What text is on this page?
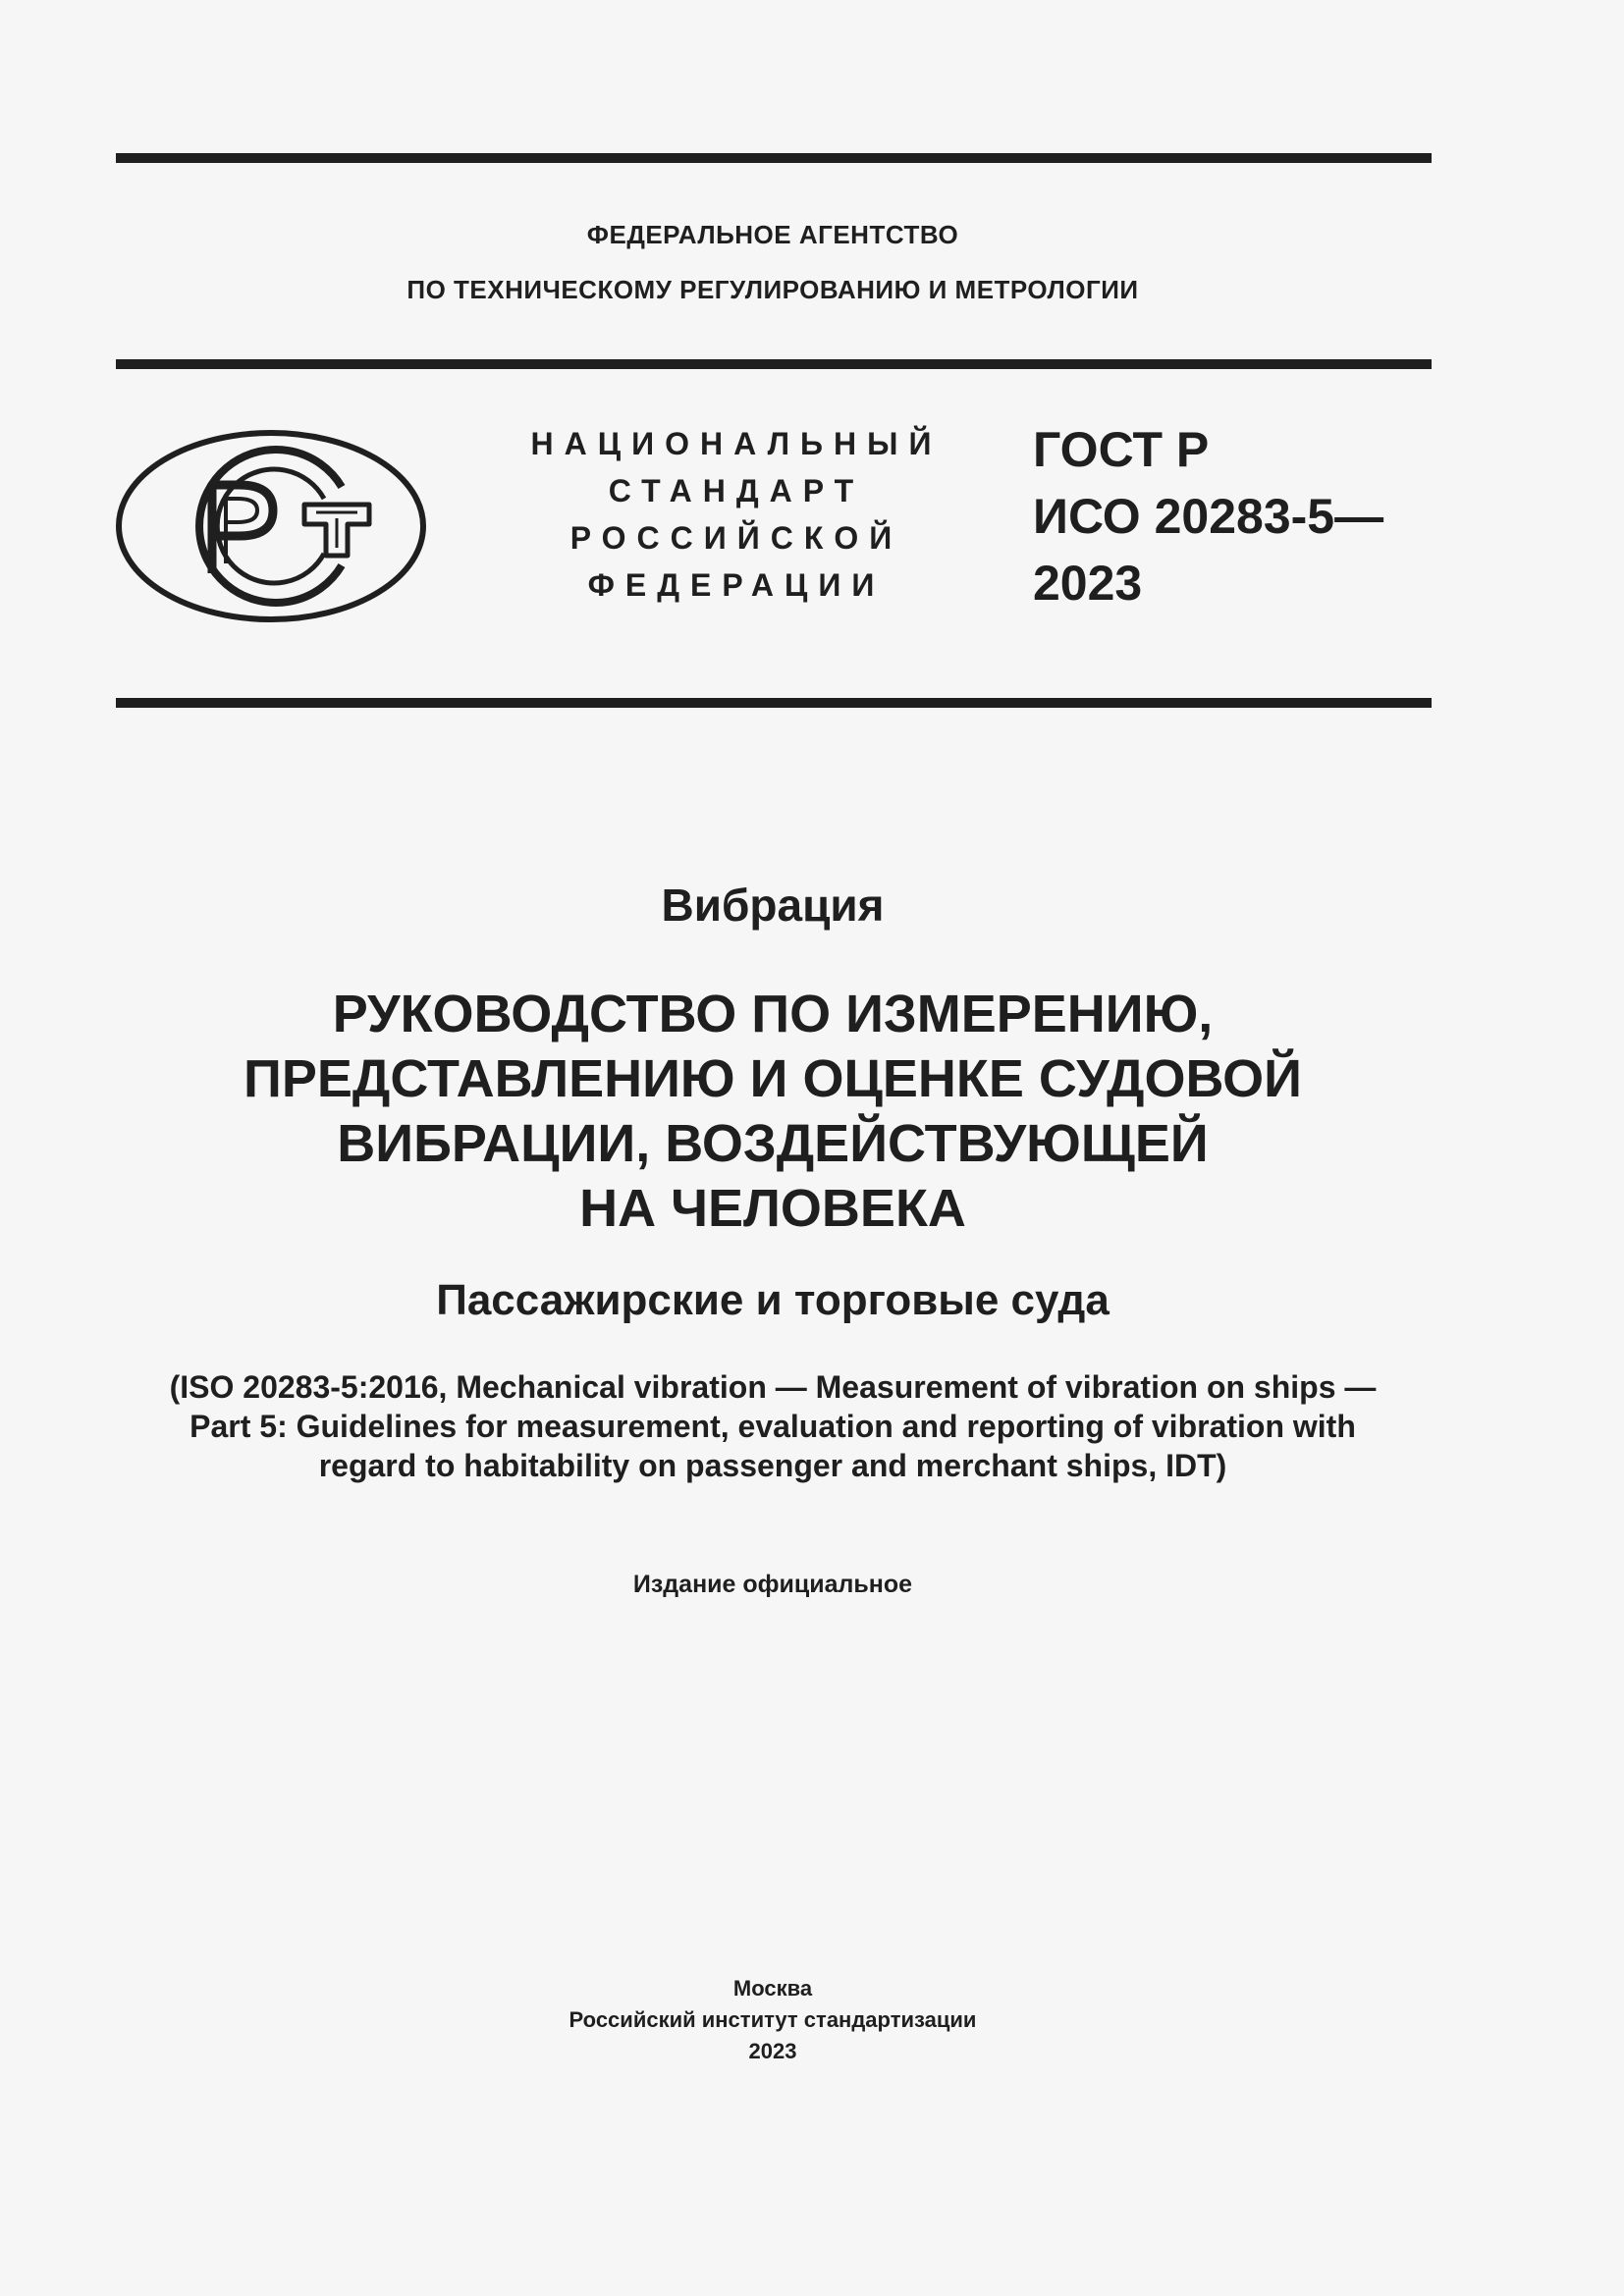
ФЕДЕРАЛЬНОЕ АГЕНТСТВО
ПО ТЕХНИЧЕСКОМУ РЕГУЛИРОВАНИЮ И МЕТРОЛОГИИ
НАЦИОНАЛЬНЫЙ
СТАНДАРТ
РОССИЙСКОЙ
ФЕДЕРАЦИИ
ГОСТ Р
ИСО 20283-5—
2023
Вибрация
РУКОВОДСТВО ПО ИЗМЕРЕНИЮ,
ПРЕДСТАВЛЕНИЮ И ОЦЕНКЕ СУДОВОЙ
ВИБРАЦИИ, ВОЗДЕЙСТВУЮЩЕЙ
НА ЧЕЛОВЕКА
Пассажирские и торговые суда
(ISO 20283-5:2016, Mechanical vibration — Measurement of vibration on ships —
Part 5: Guidelines for measurement, evaluation and reporting of vibration with
regard to habitability on passenger and merchant ships, IDT)
Издание официальное
Москва
Российский институт стандартизации
2023
